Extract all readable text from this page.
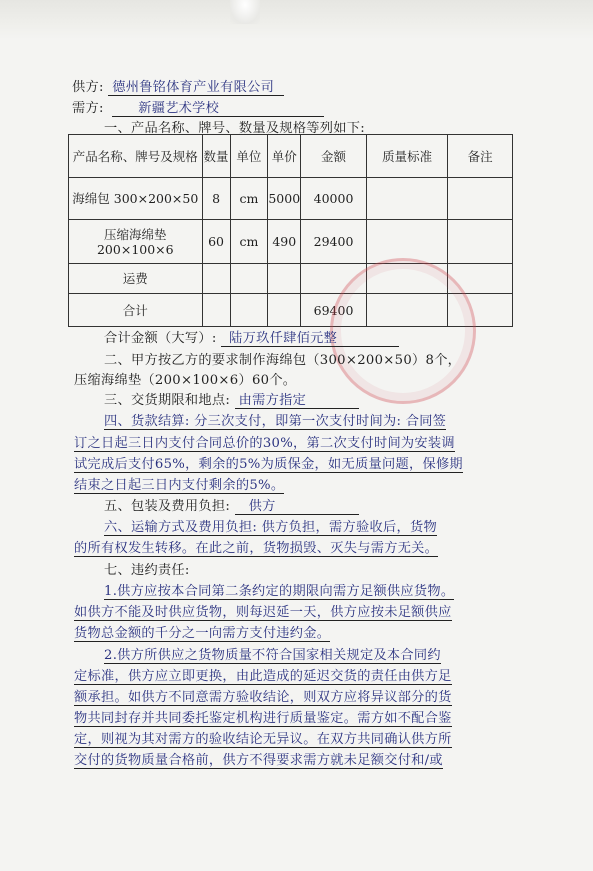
供方: 德州鲁铭体育产业有限公司
需方:	新疆艺术学校
一、产品名称、牌号、数量及规格等列如下:
产品名称、牌号及规格	数量	单位	单价	金额	质量标准	备注
海绵包 300×200×50	8	cm	5000	40000		
压缩海绵垫 200×100×6	60	cm	490	29400		
运费						
合计				69400		
合计金额（大写）: 陆万玖仟肆佰元整
二、甲方按乙方的要求制作海绵包（300×200×50）8个，
压缩海绵垫（200×100×6）60个。
三、交货期限和地点: 由需方指定
四、货款结算: 分三次支付，即第一次支付时间为: 合同签
订之日起三日内支付合同总价的30%，第二次支付时间为安装调
试完成后支付65%，剩余的5%为质保金，如无质量问题，保修期
结束之日起三日内支付剩余的5%。
五、包装及费用负担: 供方
六、运输方式及费用负担: 供方负担，需方验收后，货物
的所有权发生转移。在此之前，货物损毁、灭失与需方无关。
七、违约责任:
1.供方应按本合同第二条约定的期限向需方足额供应货物。
如供方不能及时供应货物，则每迟延一天，供方应按未足额供应
货物总金额的千分之一向需方支付违约金。
2.供方所供应之货物质量不符合国家相关规定及本合同约
定标准，供方应立即更换，由此造成的延迟交货的责任由供方足
额承担。如供方不同意需方验收结论，则双方应将异议部分的货
物共同封存并共同委托鉴定机构进行质量鉴定。需方如不配合鉴
定，则视为其对需方的验收结论无异议。在双方共同确认供方所
交付的货物质量合格前，供方不得要求需方就未足额交付和/或
